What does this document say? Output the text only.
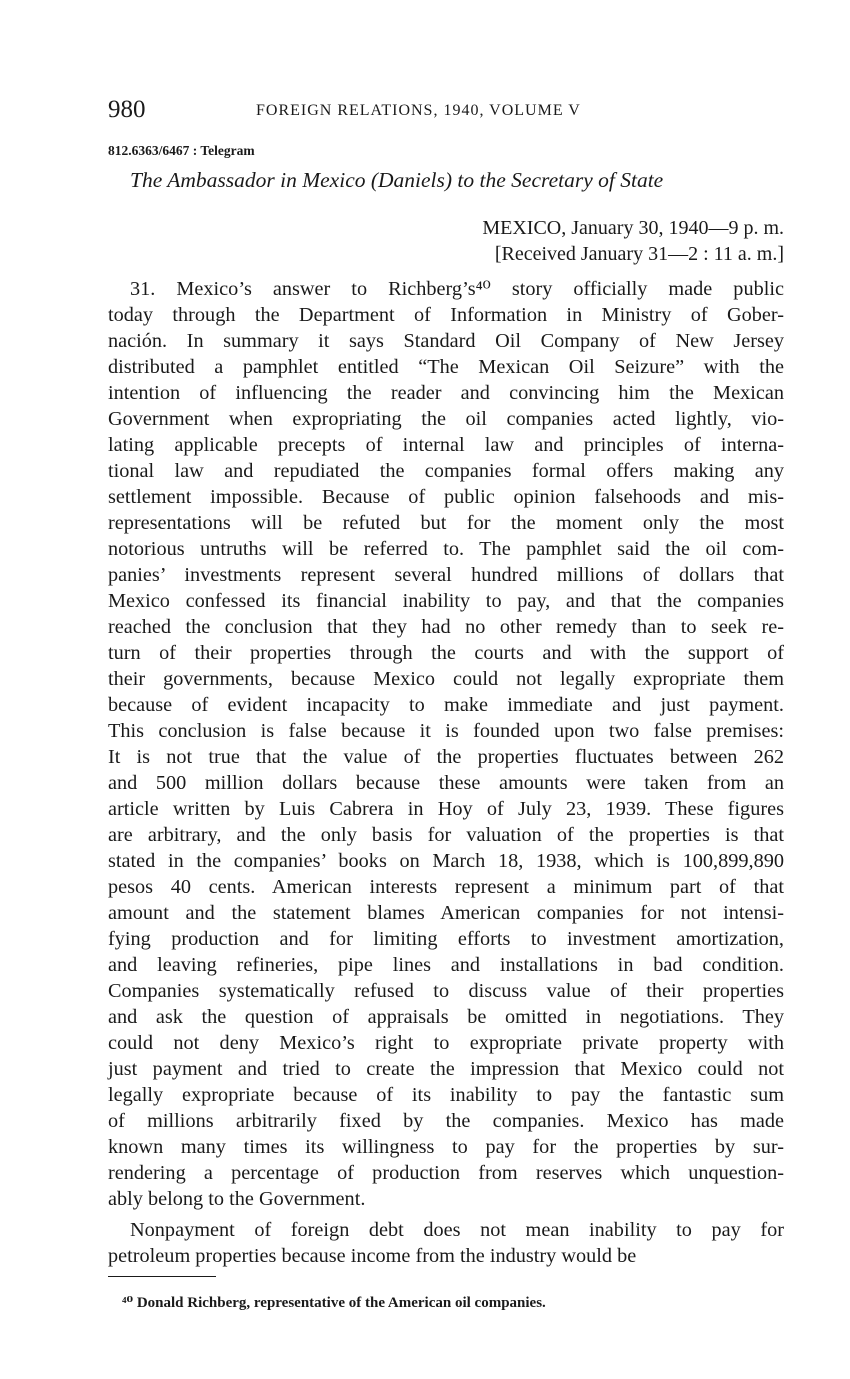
980	FOREIGN RELATIONS, 1940, VOLUME V
812.6363/6467 : Telegram
The Ambassador in Mexico (Daniels) to the Secretary of State
MEXICO, January 30, 1940—9 p. m.
[Received January 31—2 : 11 a. m.]
31. Mexico’s answer to Richberg’s⁴⁰ story officially made public
today through the Department of Information in Ministry of Gober-
nación. In summary it says Standard Oil Company of New Jersey
distributed a pamphlet entitled “The Mexican Oil Seizure” with the
intention of influencing the reader and convincing him the Mexican
Government when expropriating the oil companies acted lightly, vio-
lating applicable precepts of internal law and principles of interna-
tional law and repudiated the companies formal offers making any
settlement impossible. Because of public opinion falsehoods and mis-
representations will be refuted but for the moment only the most
notorious untruths will be referred to. The pamphlet said the oil com-
panies’ investments represent several hundred millions of dollars that
Mexico confessed its financial inability to pay, and that the companies
reached the conclusion that they had no other remedy than to seek re-
turn of their properties through the courts and with the support of
their governments, because Mexico could not legally expropriate them
because of evident incapacity to make immediate and just payment.
This conclusion is false because it is founded upon two false premises:
It is not true that the value of the properties fluctuates between 262
and 500 million dollars because these amounts were taken from an
article written by Luis Cabrera in Hoy of July 23, 1939. These figures
are arbitrary, and the only basis for valuation of the properties is that
stated in the companies’ books on March 18, 1938, which is 100,899,890
pesos 40 cents. American interests represent a minimum part of that
amount and the statement blames American companies for not intensi-
fying production and for limiting efforts to investment amortization,
and leaving refineries, pipe lines and installations in bad condition.
Companies systematically refused to discuss value of their properties
and ask the question of appraisals be omitted in negotiations. They
could not deny Mexico’s right to expropriate private property with
just payment and tried to create the impression that Mexico could not
legally expropriate because of its inability to pay the fantastic sum
of millions arbitrarily fixed by the companies. Mexico has made
known many times its willingness to pay for the properties by sur-
rendering a percentage of production from reserves which unquestion-
ably belong to the Government.
Nonpayment of foreign debt does not mean inability to pay for
petroleum properties because income from the industry would be
⁴⁰ Donald Richberg, representative of the American oil companies.
